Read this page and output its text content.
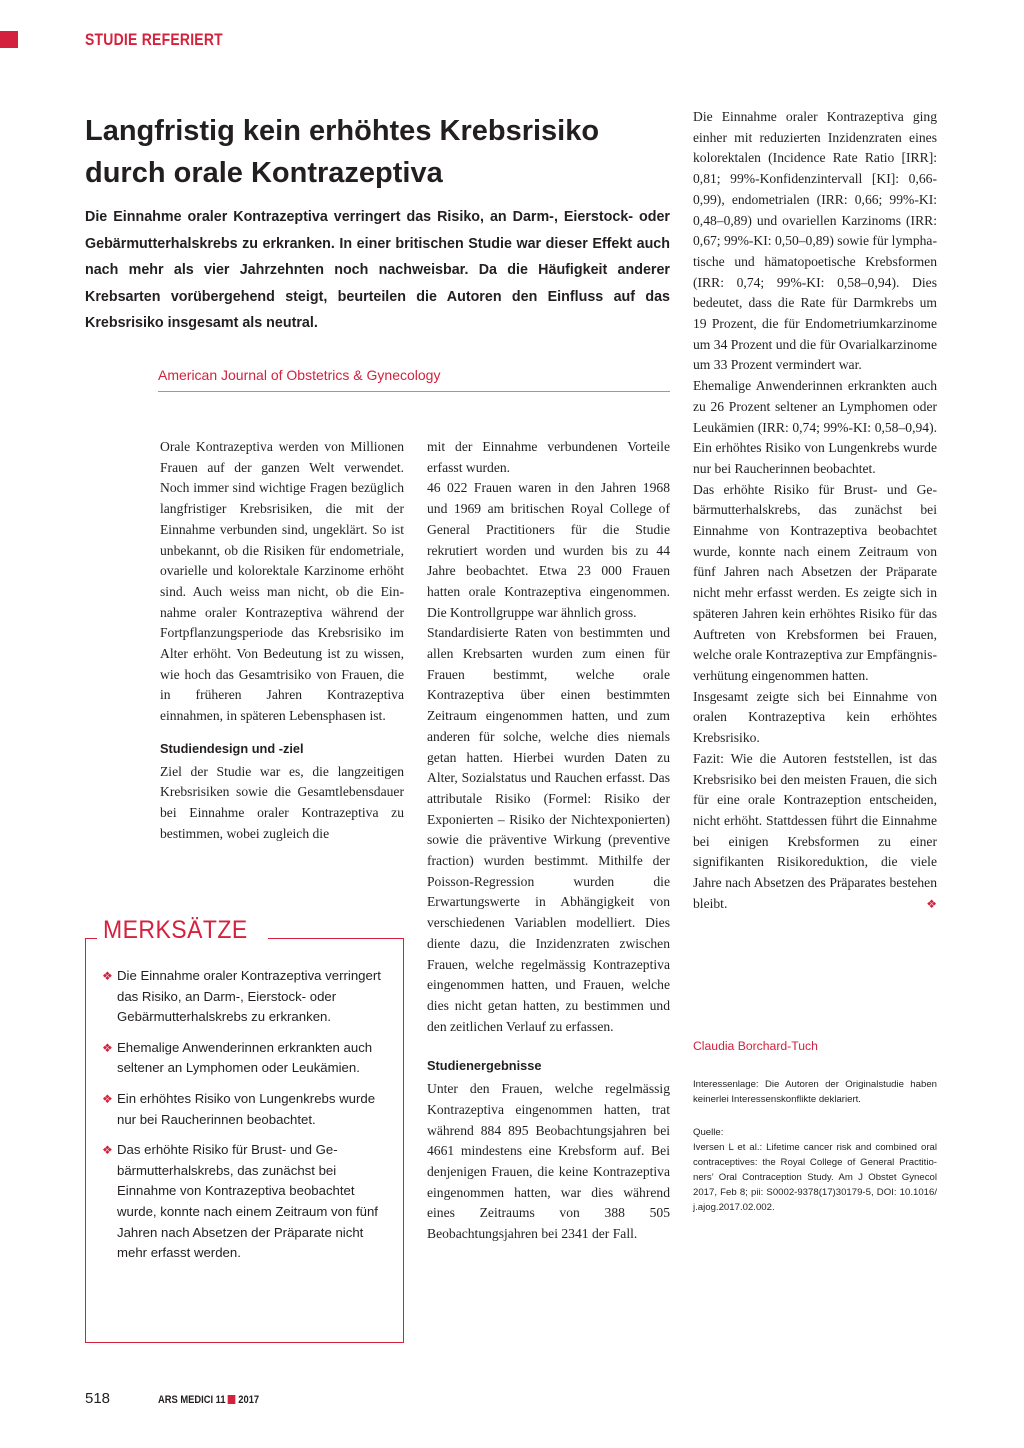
STUDIE REFERIERT
Langfristig kein erhöhtes Krebsrisiko
durch orale Kontrazeptiva

Die Einnahme oraler Kontrazeptiva verringert das Risiko, an Darm-, Eierstock- oder Gebärmutterhalskrebs zu erkranken. In einer britischen Studie war dieser Effekt auch nach mehr als vier Jahrzehnten noch nachweisbar. Da die Häufigkeit anderer Krebsarten vorübergehend steigt, beurteilen die Autoren den Einfluss auf das Krebsrisiko insgesamt als neutral.

American Journal of Obstetrics & Gynecology

Orale Kontrazeptiva werden von Millionen Frauen auf der ganzen Welt verwendet. Noch immer sind wichtige Fragen bezüglich langfristiger Krebsrisiken, die mit der Einnahme verbunden sind, ungeklärt. So ist unbekannt, ob die Risiken für endometriale, ovarielle und kolorektale Karzinome erhöht sind. Auch weiss man nicht, ob die Einnahme oraler Kontrazeptiva während der Fortpflanzungsperiode das Krebsrisiko im Alter erhöht. Von Bedeutung ist zu wissen, wie hoch das Gesamtrisiko von Frauen, die in früheren Jahren Kontrazeptiva einnahmen, in späteren Lebensphasen ist.

Studiendesign und -ziel

Ziel der Studie war es, die langzeitigen Krebsrisiken sowie die Gesamtlebensdauer bei Einnahme oraler Kontrazeptiva zu bestimmen, wobei zugleich die

mit der Einnahme verbundenen Vorteile erfasst wurden.

46 022 Frauen waren in den Jahren 1968 und 1969 am britischen Royal College of General Practitioners für die Studie rekrutiert worden und wurden bis zu 44 Jahre beobachtet. Etwa 23 000 Frauen hatten orale Kontrazeptiva eingenommen. Die Kontrollgruppe war ähnlich gross.

Standardisierte Raten von bestimmten und allen Krebsarten wurden zum einen für Frauen bestimmt, welche orale Kontrazeptiva über einen bestimmten Zeitraum eingenommen hatten, und zum anderen für solche, welche dies niemals getan hatten. Hierbei wurden Daten zu Alter, Sozialstatus und Rauchen erfasst. Das attributale Risiko (Formel: Risiko der Exponierten – Risiko der Nichtexponierten) sowie die präventive Wirkung (preventive fraction) wurden bestimmt. Mithilfe der Poisson-Regression wurden die Erwartungswerte in Abhängigkeit von verschiedenen Variablen modelliert. Dies diente dazu, die Inzidenzraten zwischen Frauen, welche regelmässig Kontrazeptiva eingenommen hatten, und Frauen, welche dies nicht getan hatten, zu bestimmen und den zeitlichen Verlauf zu erfassen.

Studienergebnisse

Unter den Frauen, welche regelmässig Kontrazeptiva eingenommen hatten, trat während 884 895 Beobachtungsjahren bei 4661 mindestens eine Krebsform auf. Bei denjenigen Frauen, die keine Kontrazeptiva eingenommen hatten, war dies während eines Zeitraums von 388 505 Beobachtungsjahren bei 2341 der Fall.

Die Einnahme oraler Kontrazeptiva ging einher mit reduzierten Inzidenzraten eines kolorektalen (Incidence Rate Ratio [IRR]: 0,81; 99%-Konfidenzintervall [KI]: 0,66-0,99), endometrialen (IRR: 0,66; 99%-KI: 0,48–0,89) und ovariellen Karzinoms (IRR: 0,67; 99%-KI: 0,50–0,89) sowie für lymphatische und hämatopoetische Krebsformen (IRR: 0,74; 99%-KI: 0,58–0,94). Dies bedeutet, dass die Rate für Darmkrebs um 19 Prozent, die für Endometriumkarzinome um 34 Prozent und die für Ovarialkarzinome um 33 Prozent vermindert war.

Ehemalige Anwenderinnen erkrankten auch zu 26 Prozent seltener an Lymphomen oder Leukämien (IRR: 0,74; 99%-KI: 0,58–0,94). Ein erhöhtes Risiko von Lungenkrebs wurde nur bei Raucherinnen beobachtet.

Das erhöhte Risiko für Brust- und Gebärmutterhalskrebs, das zunächst bei Einnahme von Kontrazeptiva beobachtet wurde, konnte nach einem Zeitraum von fünf Jahren nach Absetzen der Präparate nicht mehr erfasst werden. Es zeigte sich in späteren Jahren kein erhöhtes Risiko für das Auftreten von Krebsformen bei Frauen, welche orale Kontrazeptiva zur Empfängnisverhütung eingenommen hatten.

Insgesamt zeigte sich bei Einnahme von oralen Kontrazeptiva kein erhöhtes Krebsrisiko.

Fazit: Wie die Autoren feststellen, ist das Krebsrisiko bei den meisten Frauen, die sich für eine orale Kontrazeption entscheiden, nicht erhöht. Stattdessen führt die Einnahme bei einigen Krebsformen zu einer signifikanten Risikoreduktion, die viele Jahre nach Absetzen des Präparates bestehen bleibt.	❖

MERKSÄTZE
❖ Die Einnahme oraler Kontrazeptiva verringert das Risiko, an Darm-, Eierstock- oder Gebärmutterhalskrebs zu erkranken.
❖ Ehemalige Anwenderinnen erkrankten auch seltener an Lymphomen oder Leukämien.
❖ Ein erhöhtes Risiko von Lungenkrebs wurde nur bei Raucherinnen beobachtet.
❖ Das erhöhte Risiko für Brust- und Gebärmutterhalskrebs, das zunächst bei Einnahme von Kontrazeptiva beobachtet wurde, konnte nach einem Zeitraum von fünf Jahren nach Absetzen der Präparate nicht mehr erfasst werden.
Claudia Borchard-Tuch
Interessenlage: Die Autoren der Originalstudie haben keinerlei Interessenskonflikte deklariert.
Quelle:
Iversen L et al.: Lifetime cancer risk and combined oral contraceptives: the Royal College of General Practitioners’ Oral Contraception Study. Am J Obstet Gynecol 2017, Feb 8; pii: S0002-9378(17)30179-5, DOI: 10.1016/ j.ajog.2017.02.002.
518	ARS MEDICI 11 2017
